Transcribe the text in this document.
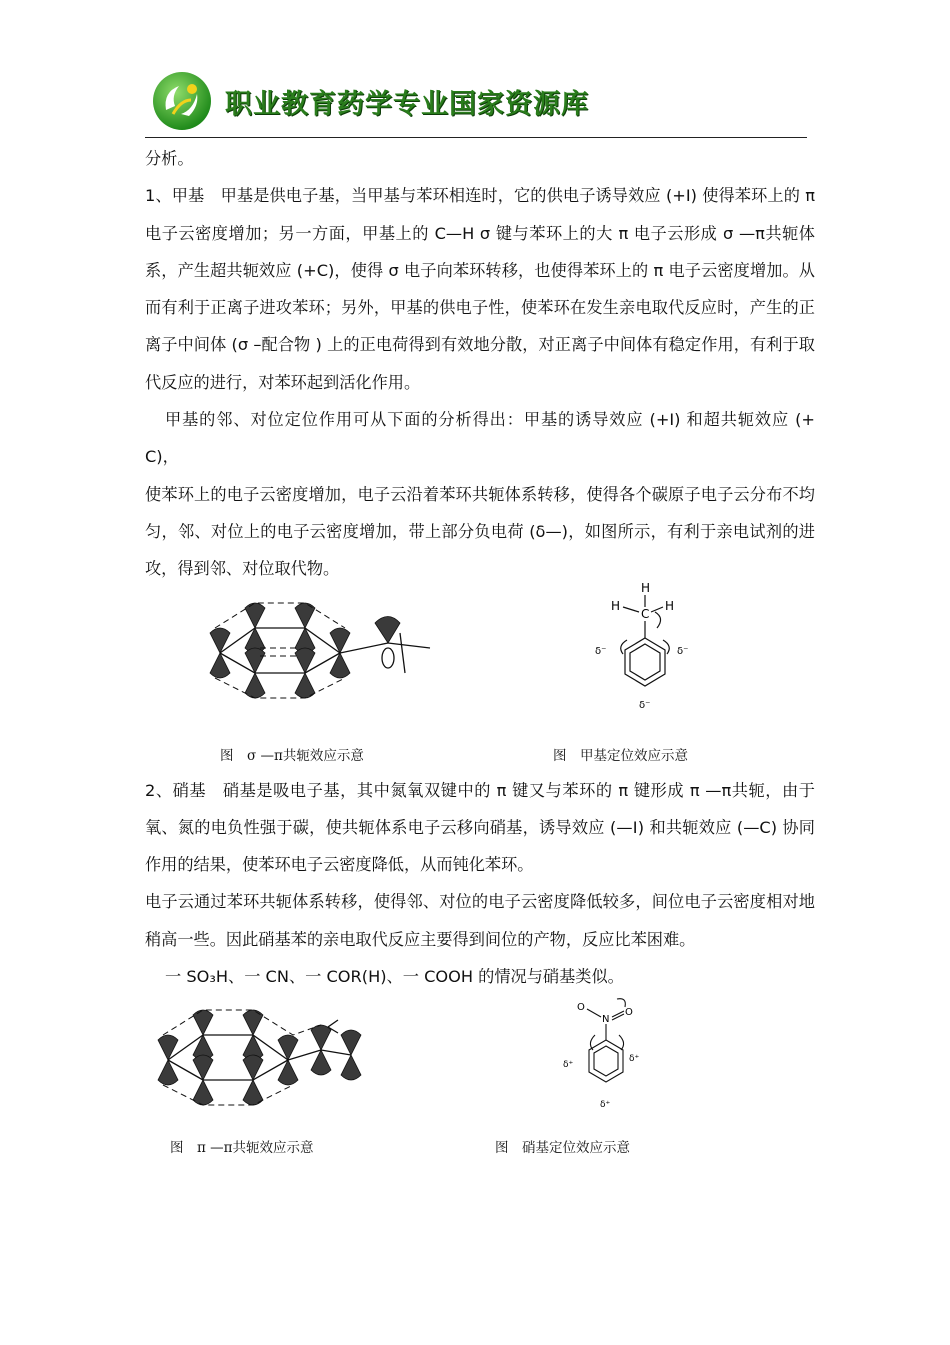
职业教育药学专业国家资源库

分析。

1、甲基　甲基是供电子基，当甲基与苯环相连时，它的供电子诱导效应 (+I) 使得苯环上的 π 电子云密度增加；另一方面，甲基上的 C—H σ 键与苯环上的大 π 电子云形成 σ —π共轭体系，产生超共轭效应 (+C)，使得 σ 电子向苯环转移，也使得苯环上的 π 电子云密度增加。从而有利于正离子进攻苯环；另外，甲基的供电子性，使苯环在发生亲电取代反应时，产生的正离子中间体 (σ –配合物 ) 上的正电荷得到有效地分散，对正离子中间体有稳定作用，有利于取代反应的进行，对苯环起到活化作用。

甲基的邻、对位定位作用可从下面的分析得出：甲基的诱导效应 (+I) 和超共轭效应 (+C)，

使苯环上的电子云密度增加，电子云沿着苯环共轭体系转移，使得各个碳原子电子云分布不均匀，邻、对位上的电子云密度增加，带上部分负电荷 (δ—)，如图所示，有利于亲电试剂的进攻，得到邻、对位取代物。

H
H	H
C
δ⁻	δ⁻
δ⁻
图　σ —π共轭效应示意	图　甲基定位效应示意

2、硝基　硝基是吸电子基，其中氮氧双键中的 π 键又与苯环的 π 键形成 π —π共轭，由于氧、氮的电负性强于碳，使共轭体系电子云移向硝基，诱导效应 (—Ⅰ) 和共轭效应 (—C) 协同作用的结果，使苯环电子云密度降低，从而钝化苯环。

电子云通过苯环共轭体系转移，使得邻、对位的电子云密度降低较多，间位电子云密度相对地稍高一些。因此硝基苯的亲电取代反应主要得到间位的产物，反应比苯困难。

一 SO₃H、一 CN、一 COR(H)、一 COOH 的情况与硝基类似。

O
N
O
δ⁺
δ⁺
δ⁺
图　π —π共轭效应示意	图　硝基定位效应示意
